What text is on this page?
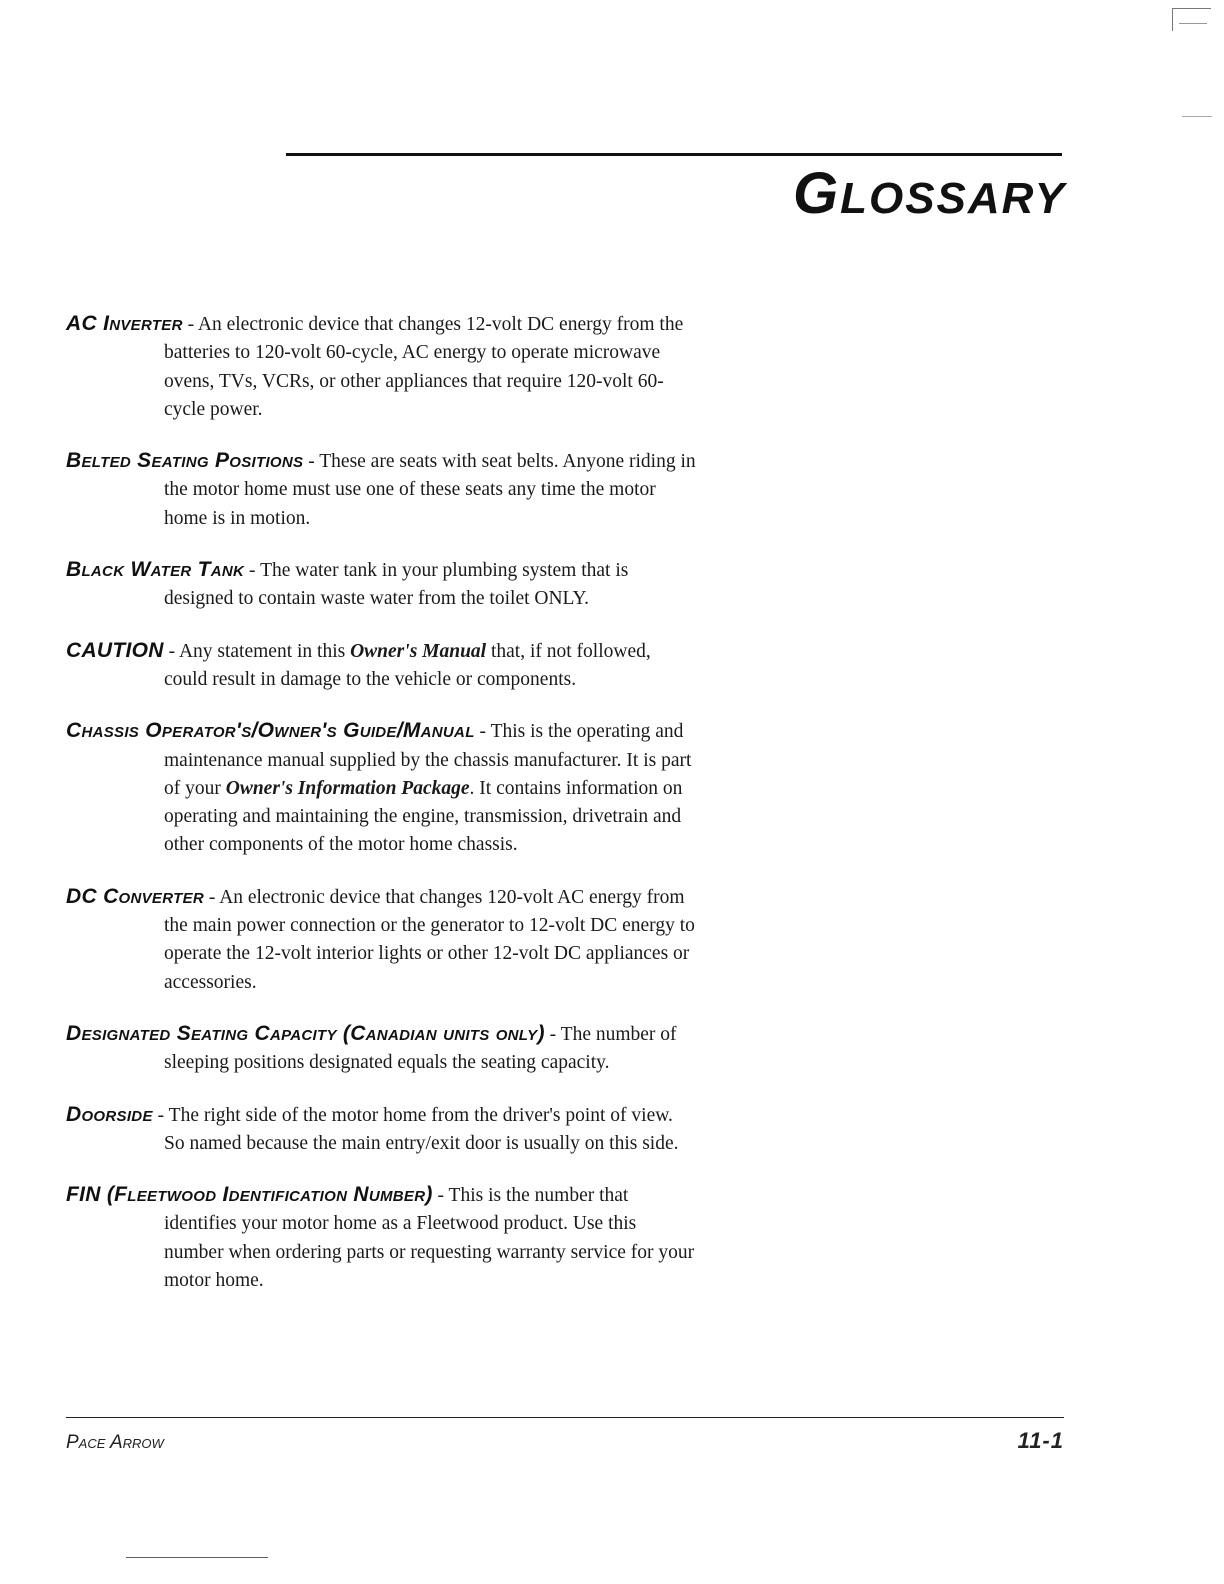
GLOSSARY

AC Inverter - An electronic device that changes 12-volt DC energy from the batteries to 120-volt 60-cycle, AC energy to operate microwave ovens, TVs, VCRs, or other appliances that require 120-volt 60-cycle power.

Belted Seating Positions - These are seats with seat belts. Anyone riding in the motor home must use one of these seats any time the motor home is in motion.

Black Water Tank - The water tank in your plumbing system that is designed to contain waste water from the toilet ONLY.

CAUTION - Any statement in this Owner's Manual that, if not followed, could result in damage to the vehicle or components.

Chassis Operator's/Owner's Guide/Manual - This is the operating and maintenance manual supplied by the chassis manufacturer. It is part of your Owner's Information Package. It contains information on operating and maintaining the engine, transmission, drivetrain and other components of the motor home chassis.

DC Converter - An electronic device that changes 120-volt AC energy from the main power connection or the generator to 12-volt DC energy to operate the 12-volt interior lights or other 12-volt DC appliances or accessories.

Designated Seating Capacity (Canadian units only) - The number of sleeping positions designated equals the seating capacity.

Doorside - The right side of the motor home from the driver's point of view. So named because the main entry/exit door is usually on this side.

FIN (Fleetwood Identification Number) - This is the number that identifies your motor home as a Fleetwood product. Use this number when ordering parts or requesting warranty service for your motor home.

Pace Arrow	11-1
